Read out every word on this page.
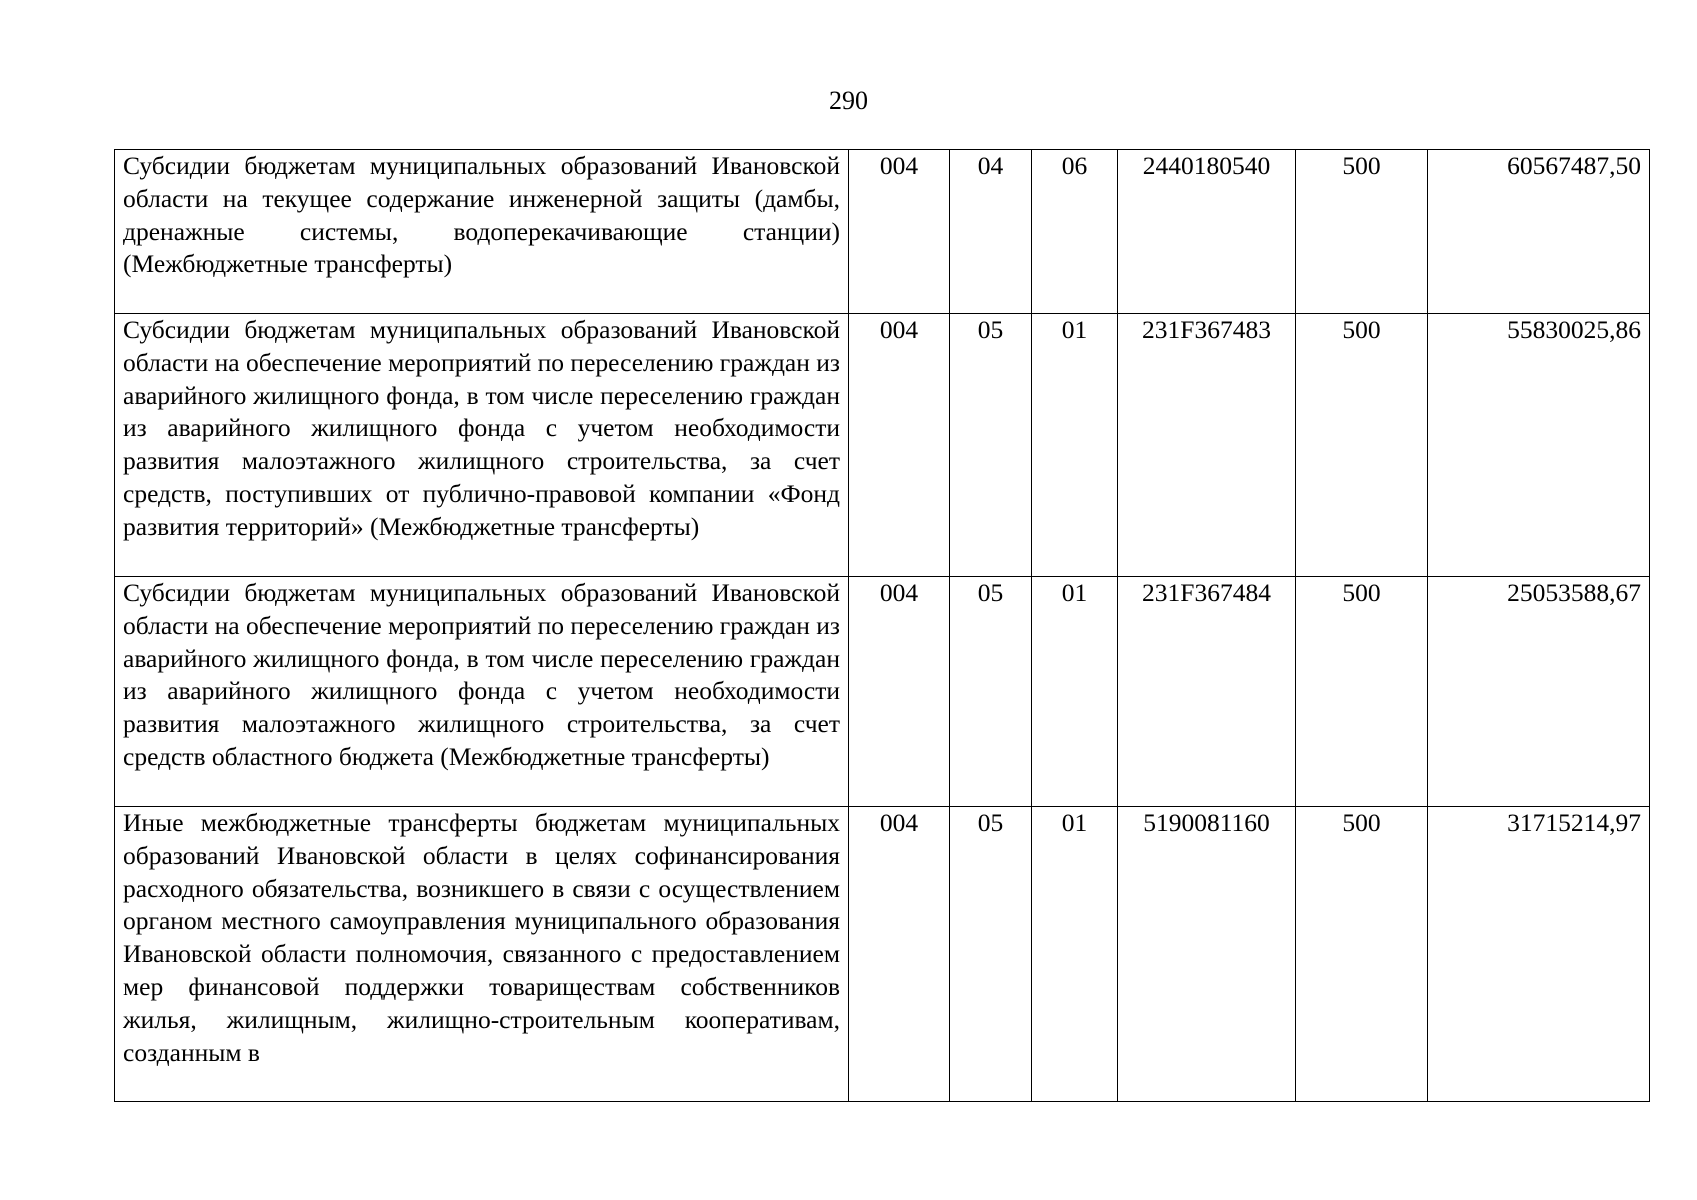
290
Субсидии бюджетам муниципальных образований Ивановской области на текущее содержание инженерной защиты (дамбы, дренажные системы, водоперекачивающие станции) (Межбюджетные трансферты)	004	04	06	2440180540	500	60567487,50
Субсидии бюджетам муниципальных образований Ивановской области на обеспечение мероприятий по переселению граждан из аварийного жилищного фонда, в том числе переселению граждан из аварийного жилищного фонда с учетом необходимости развития малоэтажного жилищного строительства, за счет средств, поступивших от публично-правовой компании «Фонд развития территорий» (Межбюджетные трансферты)	004	05	01	231F367483	500	55830025,86
Субсидии бюджетам муниципальных образований Ивановской области на обеспечение мероприятий по переселению граждан из аварийного жилищного фонда, в том числе переселению граждан из аварийного жилищного фонда с учетом необходимости развития малоэтажного жилищного строительства, за счет средств областного бюджета (Межбюджетные трансферты)	004	05	01	231F367484	500	25053588,67
Иные межбюджетные трансферты бюджетам муниципальных образований Ивановской области в целях софинансирования расходного обязательства, возникшего в связи с осуществлением органом местного самоуправления муниципального образования Ивановской области полномочия, связанного с предоставлением мер финансовой поддержки товариществам собственников жилья, жилищным, жилищно-строительным кооперативам, созданным в	004	05	01	5190081160	500	31715214,97
